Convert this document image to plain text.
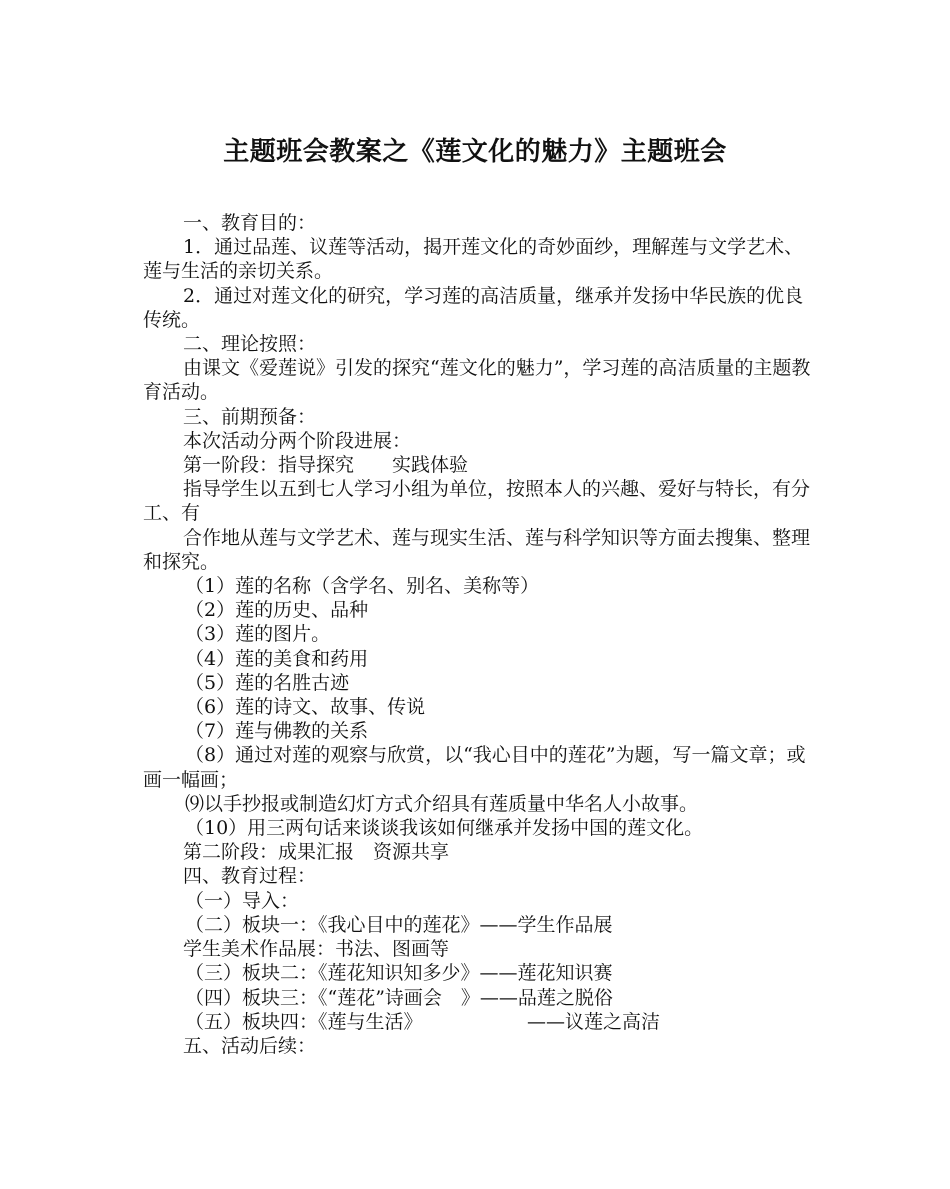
主题班会教案之《莲文化的魅力》主题班会

一、教育目的：

1．通过品莲、议莲等活动，揭开莲文化的奇妙面纱，理解莲与文学艺术、莲与生活的亲切关系。

2．通过对莲文化的研究，学习莲的高洁质量，继承并发扬中华民族的优良传统。

二、理论按照：

由课文《爱莲说》引发的探究“莲文化的魅力”，学习莲的高洁质量的主题教育活动。

三、前期预备：

本次活动分两个阶段进展：

第一阶段：指导探究　　实践体验

指导学生以五到七人学习小组为单位，按照本人的兴趣、爱好与特长，有分工、有

合作地从莲与文学艺术、莲与现实生活、莲与科学知识等方面去搜集、整理和探究。

（1）莲的名称（含学名、别名、美称等）

（2）莲的历史、品种

（3）莲的图片。

（4）莲的美食和药用

（5）莲的名胜古迹

（6）莲的诗文、故事、传说

（7）莲与佛教的关系

（8）通过对莲的观察与欣赏，以“我心目中的莲花”为题，写一篇文章；或画一幅画；

⑼以手抄报或制造幻灯方式介绍具有莲质量中华名人小故事。

（10）用三两句话来谈谈我该如何继承并发扬中国的莲文化。

第二阶段：成果汇报　资源共享

四、教育过程：

（一）导入：

（二）板块一：《我心目中的莲花》——学生作品展

学生美术作品展：书法、图画等

（三）板块二：《莲花知识知多少》——莲花知识赛

（四）板块三：《“莲花”诗画会　》——品莲之脱俗

（五）板块四：《莲与生活》　　　　　　——议莲之高洁

五、活动后续：
